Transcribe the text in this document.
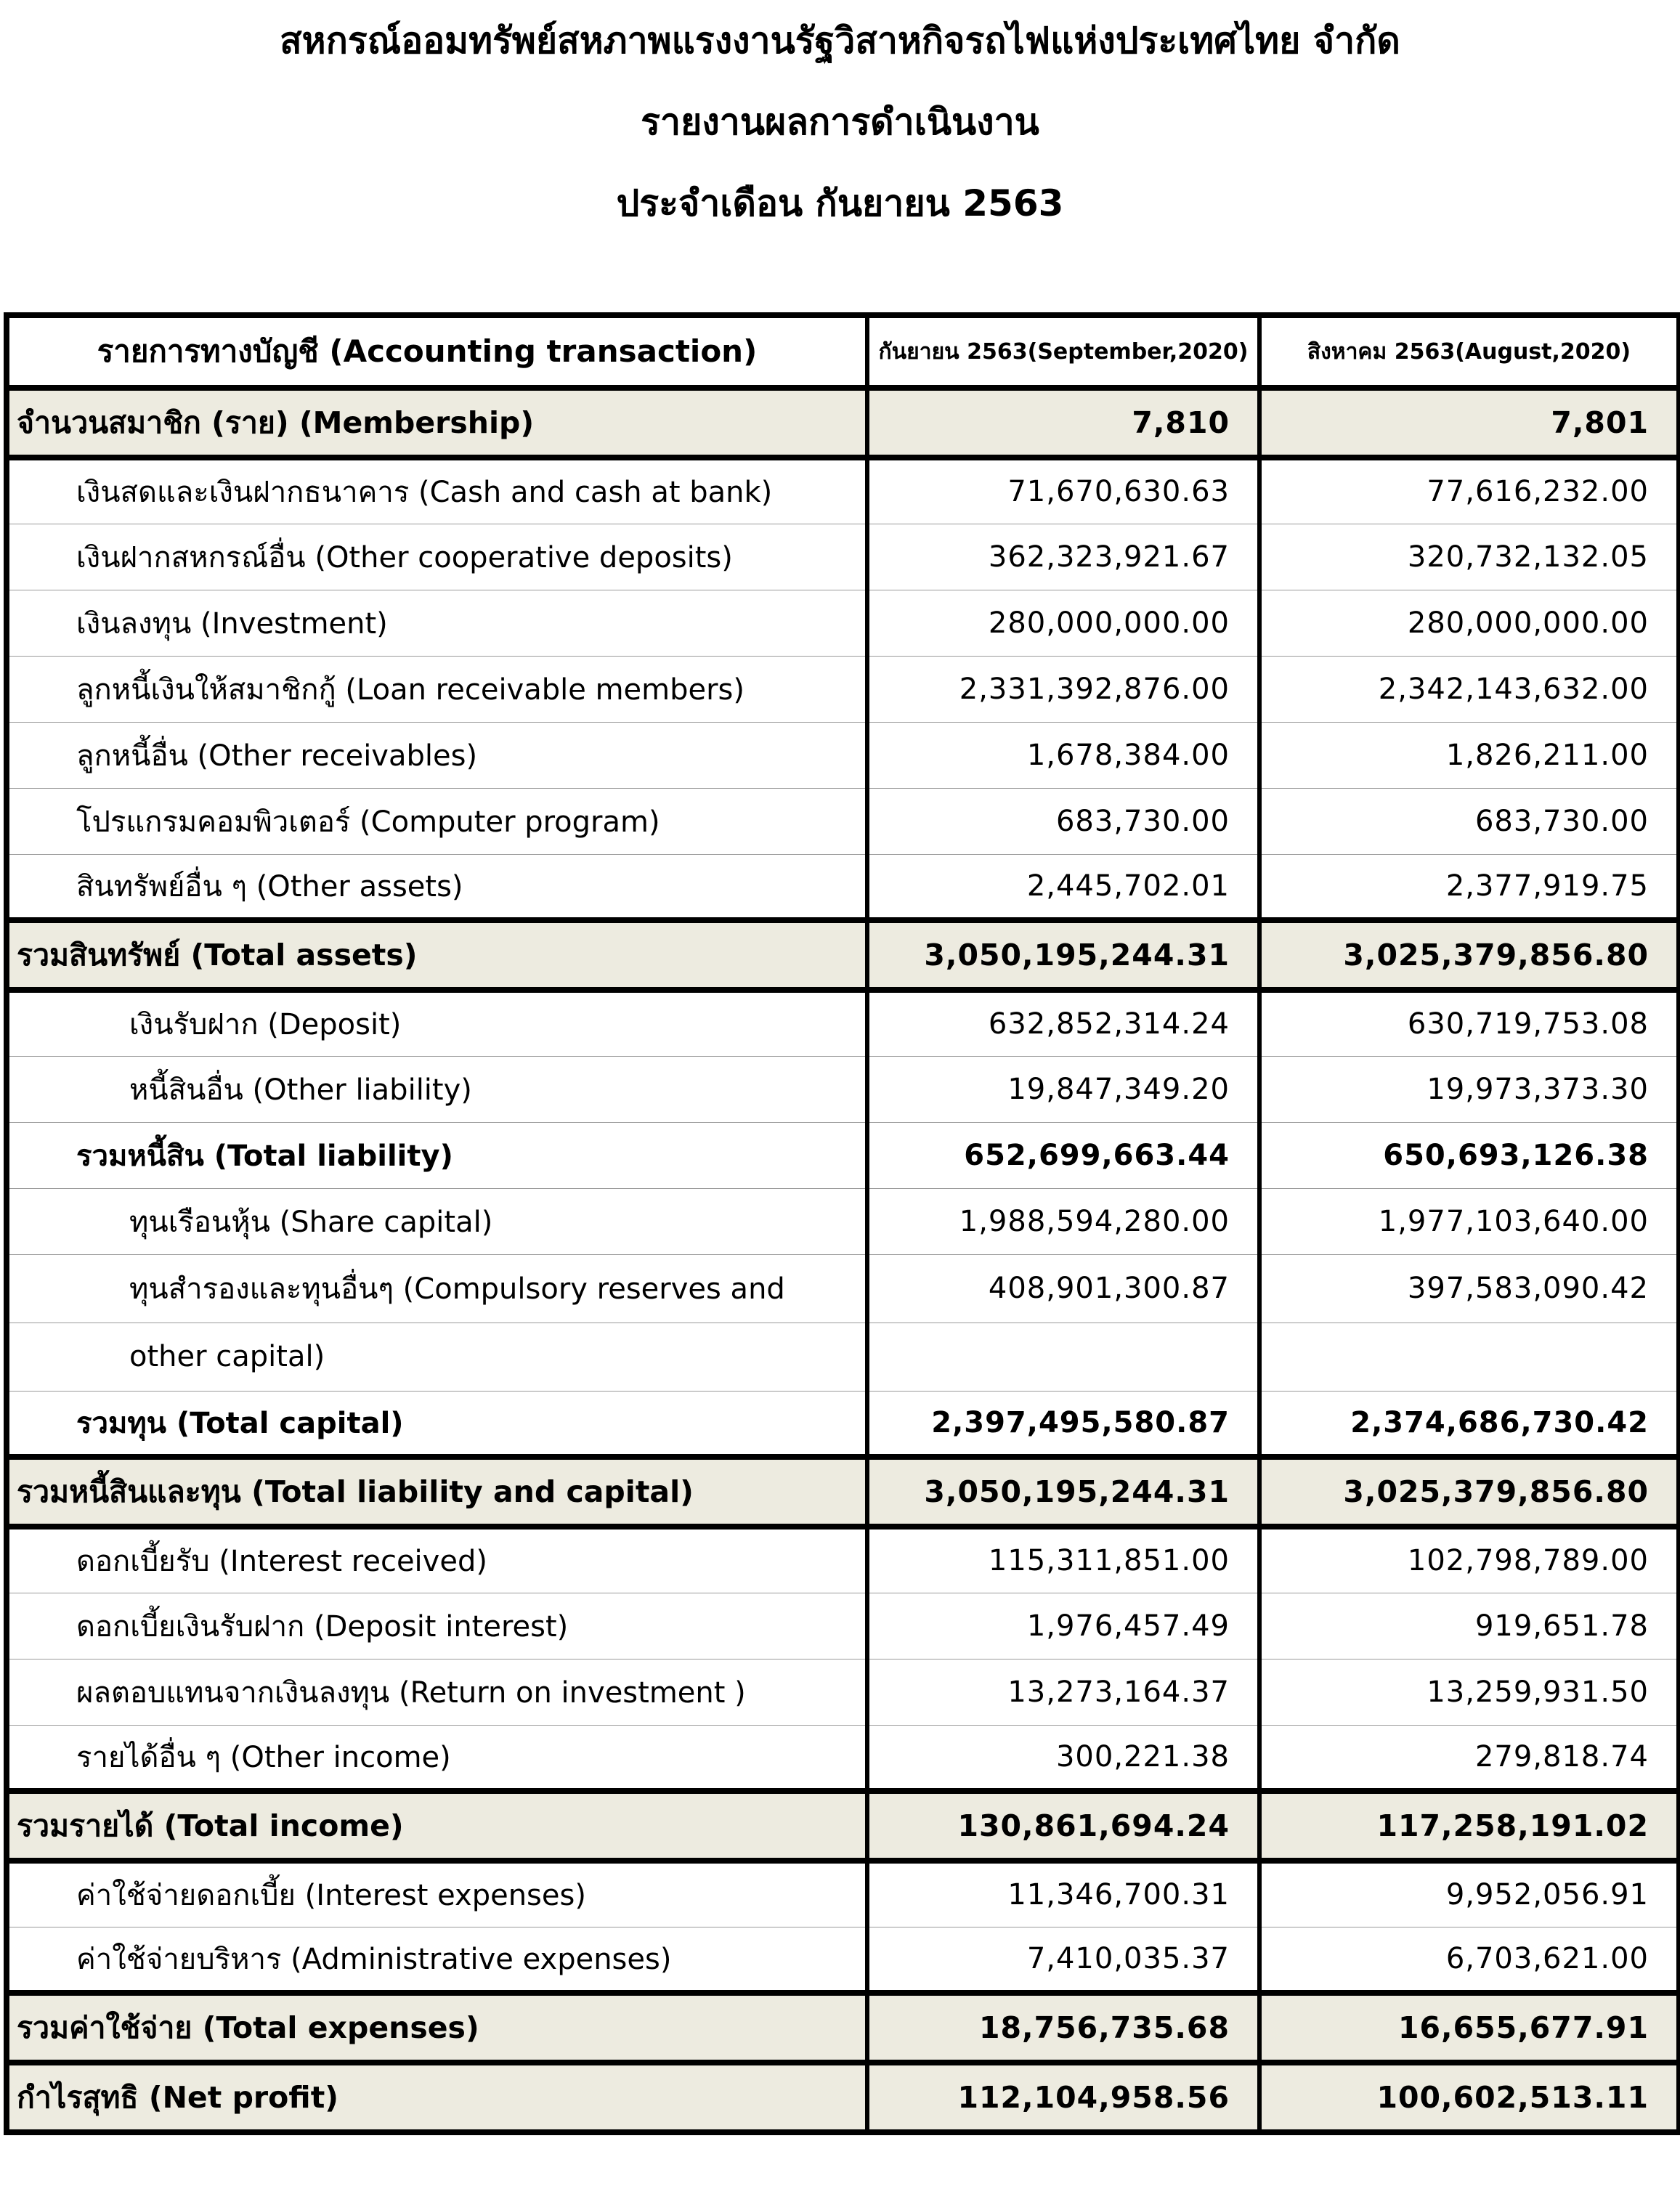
สหกรณ์ออมทรัพย์สหภาพแรงงานรัฐวิสาหกิจรถไฟแห่งประเทศไทย จำกัด
รายงานผลการดำเนินงาน
ประจำเดือน กันยายน 2563
รายการทางบัญชี (Accounting transaction)	กันยายน 2563(September,2020)	สิงหาคม 2563(August,2020)
จำนวนสมาชิก (ราย) (Membership)	7,810	7,801
เงินสดและเงินฝากธนาคาร (Cash and cash at bank)	71,670,630.63	77,616,232.00
เงินฝากสหกรณ์อื่น (Other cooperative deposits)	362,323,921.67	320,732,132.05
เงินลงทุน (Investment)	280,000,000.00	280,000,000.00
ลูกหนี้เงินให้สมาชิกกู้ (Loan receivable members)	2,331,392,876.00	2,342,143,632.00
ลูกหนี้อื่น (Other receivables)	1,678,384.00	1,826,211.00
โปรแกรมคอมพิวเตอร์ (Computer program)	683,730.00	683,730.00
สินทรัพย์อื่น ๆ (Other assets)	2,445,702.01	2,377,919.75
รวมสินทรัพย์ (Total assets)	3,050,195,244.31	3,025,379,856.80
เงินรับฝาก (Deposit)	632,852,314.24	630,719,753.08
หนี้สินอื่น (Other liability)	19,847,349.20	19,973,373.30
รวมหนี้สิน (Total liability)	652,699,663.44	650,693,126.38
ทุนเรือนหุ้น (Share capital)	1,988,594,280.00	1,977,103,640.00
ทุนสำรองและทุนอื่นๆ (Compulsory reserves and	408,901,300.87	397,583,090.42
other capital)		
รวมทุน (Total capital)	2,397,495,580.87	2,374,686,730.42
รวมหนี้สินและทุน (Total liability and capital)	3,050,195,244.31	3,025,379,856.80
ดอกเบี้ยรับ (Interest received)	115,311,851.00	102,798,789.00
ดอกเบี้ยเงินรับฝาก (Deposit interest)	1,976,457.49	919,651.78
ผลตอบแทนจากเงินลงทุน (Return on investment )	13,273,164.37	13,259,931.50
รายได้อื่น ๆ (Other income)	300,221.38	279,818.74
รวมรายได้ (Total income)	130,861,694.24	117,258,191.02
ค่าใช้จ่ายดอกเบี้ย (Interest expenses)	11,346,700.31	9,952,056.91
ค่าใช้จ่ายบริหาร (Administrative expenses)	7,410,035.37	6,703,621.00
รวมค่าใช้จ่าย (Total expenses)	18,756,735.68	16,655,677.91
กำไรสุทธิ (Net profit)	112,104,958.56	100,602,513.11
